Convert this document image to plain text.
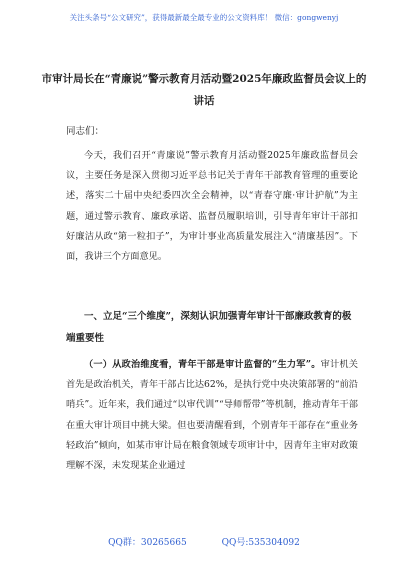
关注头条号“公文研究”，获得最新最全最专业的公文资料库！ 微信：gongwenyj
市审计局长在“青廉说”警示教育月活动暨2025年廉政监督员会议上的讲话
同志们：

今天，我们召开“青廉说”警示教育月活动暨2025年廉政监督员会议，主要任务是深入贯彻习近平总书记关于青年干部教育管理的重要论述，落实二十届中央纪委四次全会精神，以“青春守廉·审计护航”为主题，通过警示教育、廉政承诺、监督员履职培训，引导青年审计干部扣好廉洁从政“第一粒扣子”，为审计事业高质量发展注入“清廉基因”。下面，我讲三个方面意见。

一、立足“三个维度”，深刻认识加强青年审计干部廉政教育的极端重要性

（一）从政治维度看，青年干部是审计监督的“生力军”。审计机关首先是政治机关，青年干部占比达62%，是执行党中央决策部署的“前沿哨兵”。近年来，我们通过“以审代训”“导师帮带”等机制，推动青年干部在重大审计项目中挑大梁。但也要清醒看到，个别青年干部存在“重业务轻政治”倾向，如某市审计局在粮食领域专项审计中，因青年主审对政策理解不深，未发现某企业通过

QQ群：30265665	QQ号:535304092
